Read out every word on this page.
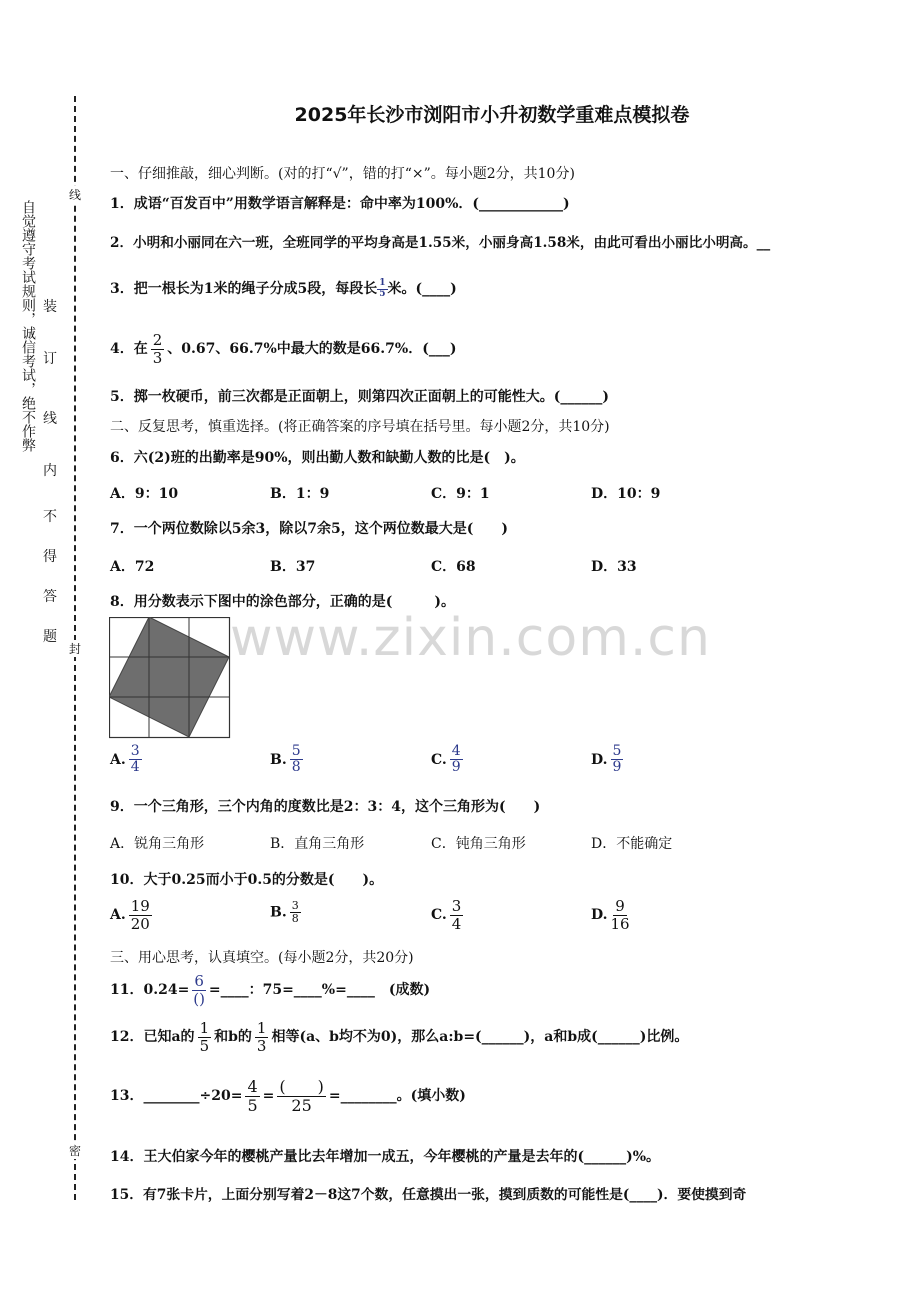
线
封
密
自觉遵守考试规则，诚信考试，绝不作弊 装
订
线
内
不
得
答
题
2025年长沙市浏阳市小升初数学重难点模拟卷
www.zixin.com.cn
一、仔细推敲，细心判断。(对的打“√”，错的打“×”。每小题2分，共10分)
1．成语“百发百中”用数学语言解释是：命中率为100%．(____________)
2．小明和小丽同在六一班，全班同学的平均身高是1.55米，小丽身高1.58米，由此可看出小丽比小明高。__
3．把一根长为1米的绳子分成5段，每段长 $\frac{1}{5}$ 米。(____)
4．在 $\frac{2}{3}$ 、0.67、66.7%中最大的数是66.7%．(___)
5．掷一枚硬币，前三次都是正面朝上，则第四次正面朝上的可能性大。(______)
二、反复思考，慎重选择。(将正确答案的序号填在括号里。每小题2分，共10分)
6．六(2)班的出勤率是90%，则出勤人数和缺勤人数的比是(　)。
A．9：10	B．1：9	C．9：1	D．10：9
7．一个两位数除以5余3，除以7余5，这个两位数最大是(　　)
A．72	B．37	C．68	D．33
8．用分数表示下图中的涂色部分，正确的是(　　　)。
A. $\frac{3}{4}$	B. $\frac{5}{8}$	C. $\frac{4}{9}$	D. $\frac{5}{9}$
9．一个三角形，三个内角的度数比是2：3：4，这个三角形为(　　)
A．锐角三角形	B．直角三角形	C．钝角三角形	D．不能确定
10．大于0.25而小于0.5的分数是(　　)。
A. $\frac{19}{20}$	B. $\frac{3}{8}$	C. $\frac{3}{4}$	D. $\frac{9}{16}$
三、用心思考，认真填空。(每小题2分，共20分)
11．$0.24= \frac{6}{()}$ =____：75=____%=____　(成数)
12．已知a的 $\frac{1}{5}$ 和b的 $\frac{1}{3}$ 相等(a、b均不为0)，那么a:b=(______)，a和b成(______)比例。
13．________÷20= $\frac{4}{5} = \frac{( )}{25}$ =________。(填小数)
14．王大伯家今年的樱桃产量比去年增加一成五，今年樱桃的产量是去年的(______)%。
15．有7张卡片，上面分别写着2－8这7个数，任意摸出一张，摸到质数的可能性是(____)．要使摸到奇
